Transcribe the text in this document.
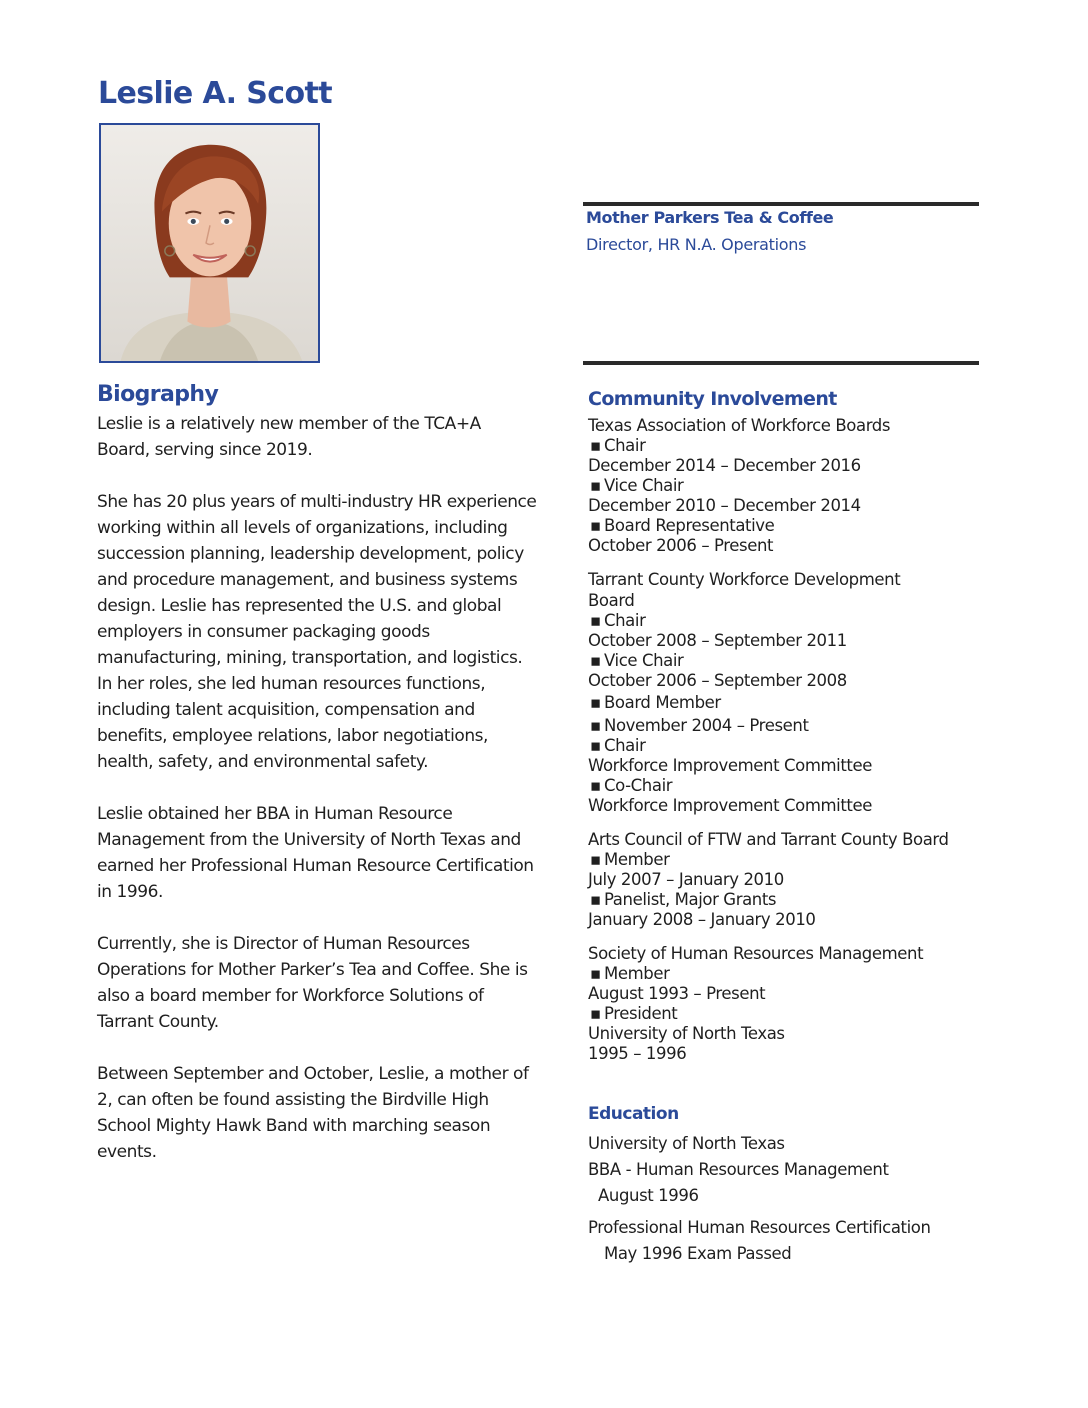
Leslie A. Scott
Mother Parkers Tea & Coffee
Director, HR N.A. Operations
Biography

Leslie is a relatively new member of the TCA+A Board, serving since 2019.

She has 20 plus years of multi-industry HR experience working within all levels of organizations, including succession planning, leadership development, policy and procedure management, and business systems design. Leslie has represented the U.S. and global employers in consumer packaging goods manufacturing, mining, transportation, and logistics. In her roles, she led human resources functions, including talent acquisition, compensation and benefits, employee relations, labor negotiations, health, safety, and environmental safety.

Leslie obtained her BBA in Human Resource Management from the University of North Texas and earned her Professional Human Resource Certification in 1996.

Currently, she is Director of Human Resources Operations for Mother Parker’s Tea and Coffee. She is also a board member for Workforce Solutions of Tarrant County.

Between September and October, Leslie, a mother of 2, can often be found assisting the Birdville High School Mighty Hawk Band with marching season events.

Community Involvement
Texas Association of Workforce Boards
▪ Chair
December 2014 – December 2016
▪ Vice Chair
December 2010 – December 2014
▪ Board Representative
October 2006 – Present
Tarrant County Workforce Development Board
▪ Chair
October 2008 – September 2011
▪ Vice Chair
October 2006 – September 2008
▪ Board Member
▪ November 2004 – Present
▪ Chair
Workforce Improvement Committee
▪ Co-Chair
Workforce Improvement Committee
Arts Council of FTW and Tarrant County Board
▪ Member
July 2007 – January 2010
▪ Panelist, Major Grants
January 2008 – January 2010
Society of Human Resources Management
▪ Member
August 1993 – Present
▪ President
University of North Texas
1995 – 1996
Education
University of North Texas
BBA - Human Resources Management
August 1996
Professional Human Resources Certification
May 1996 Exam Passed
